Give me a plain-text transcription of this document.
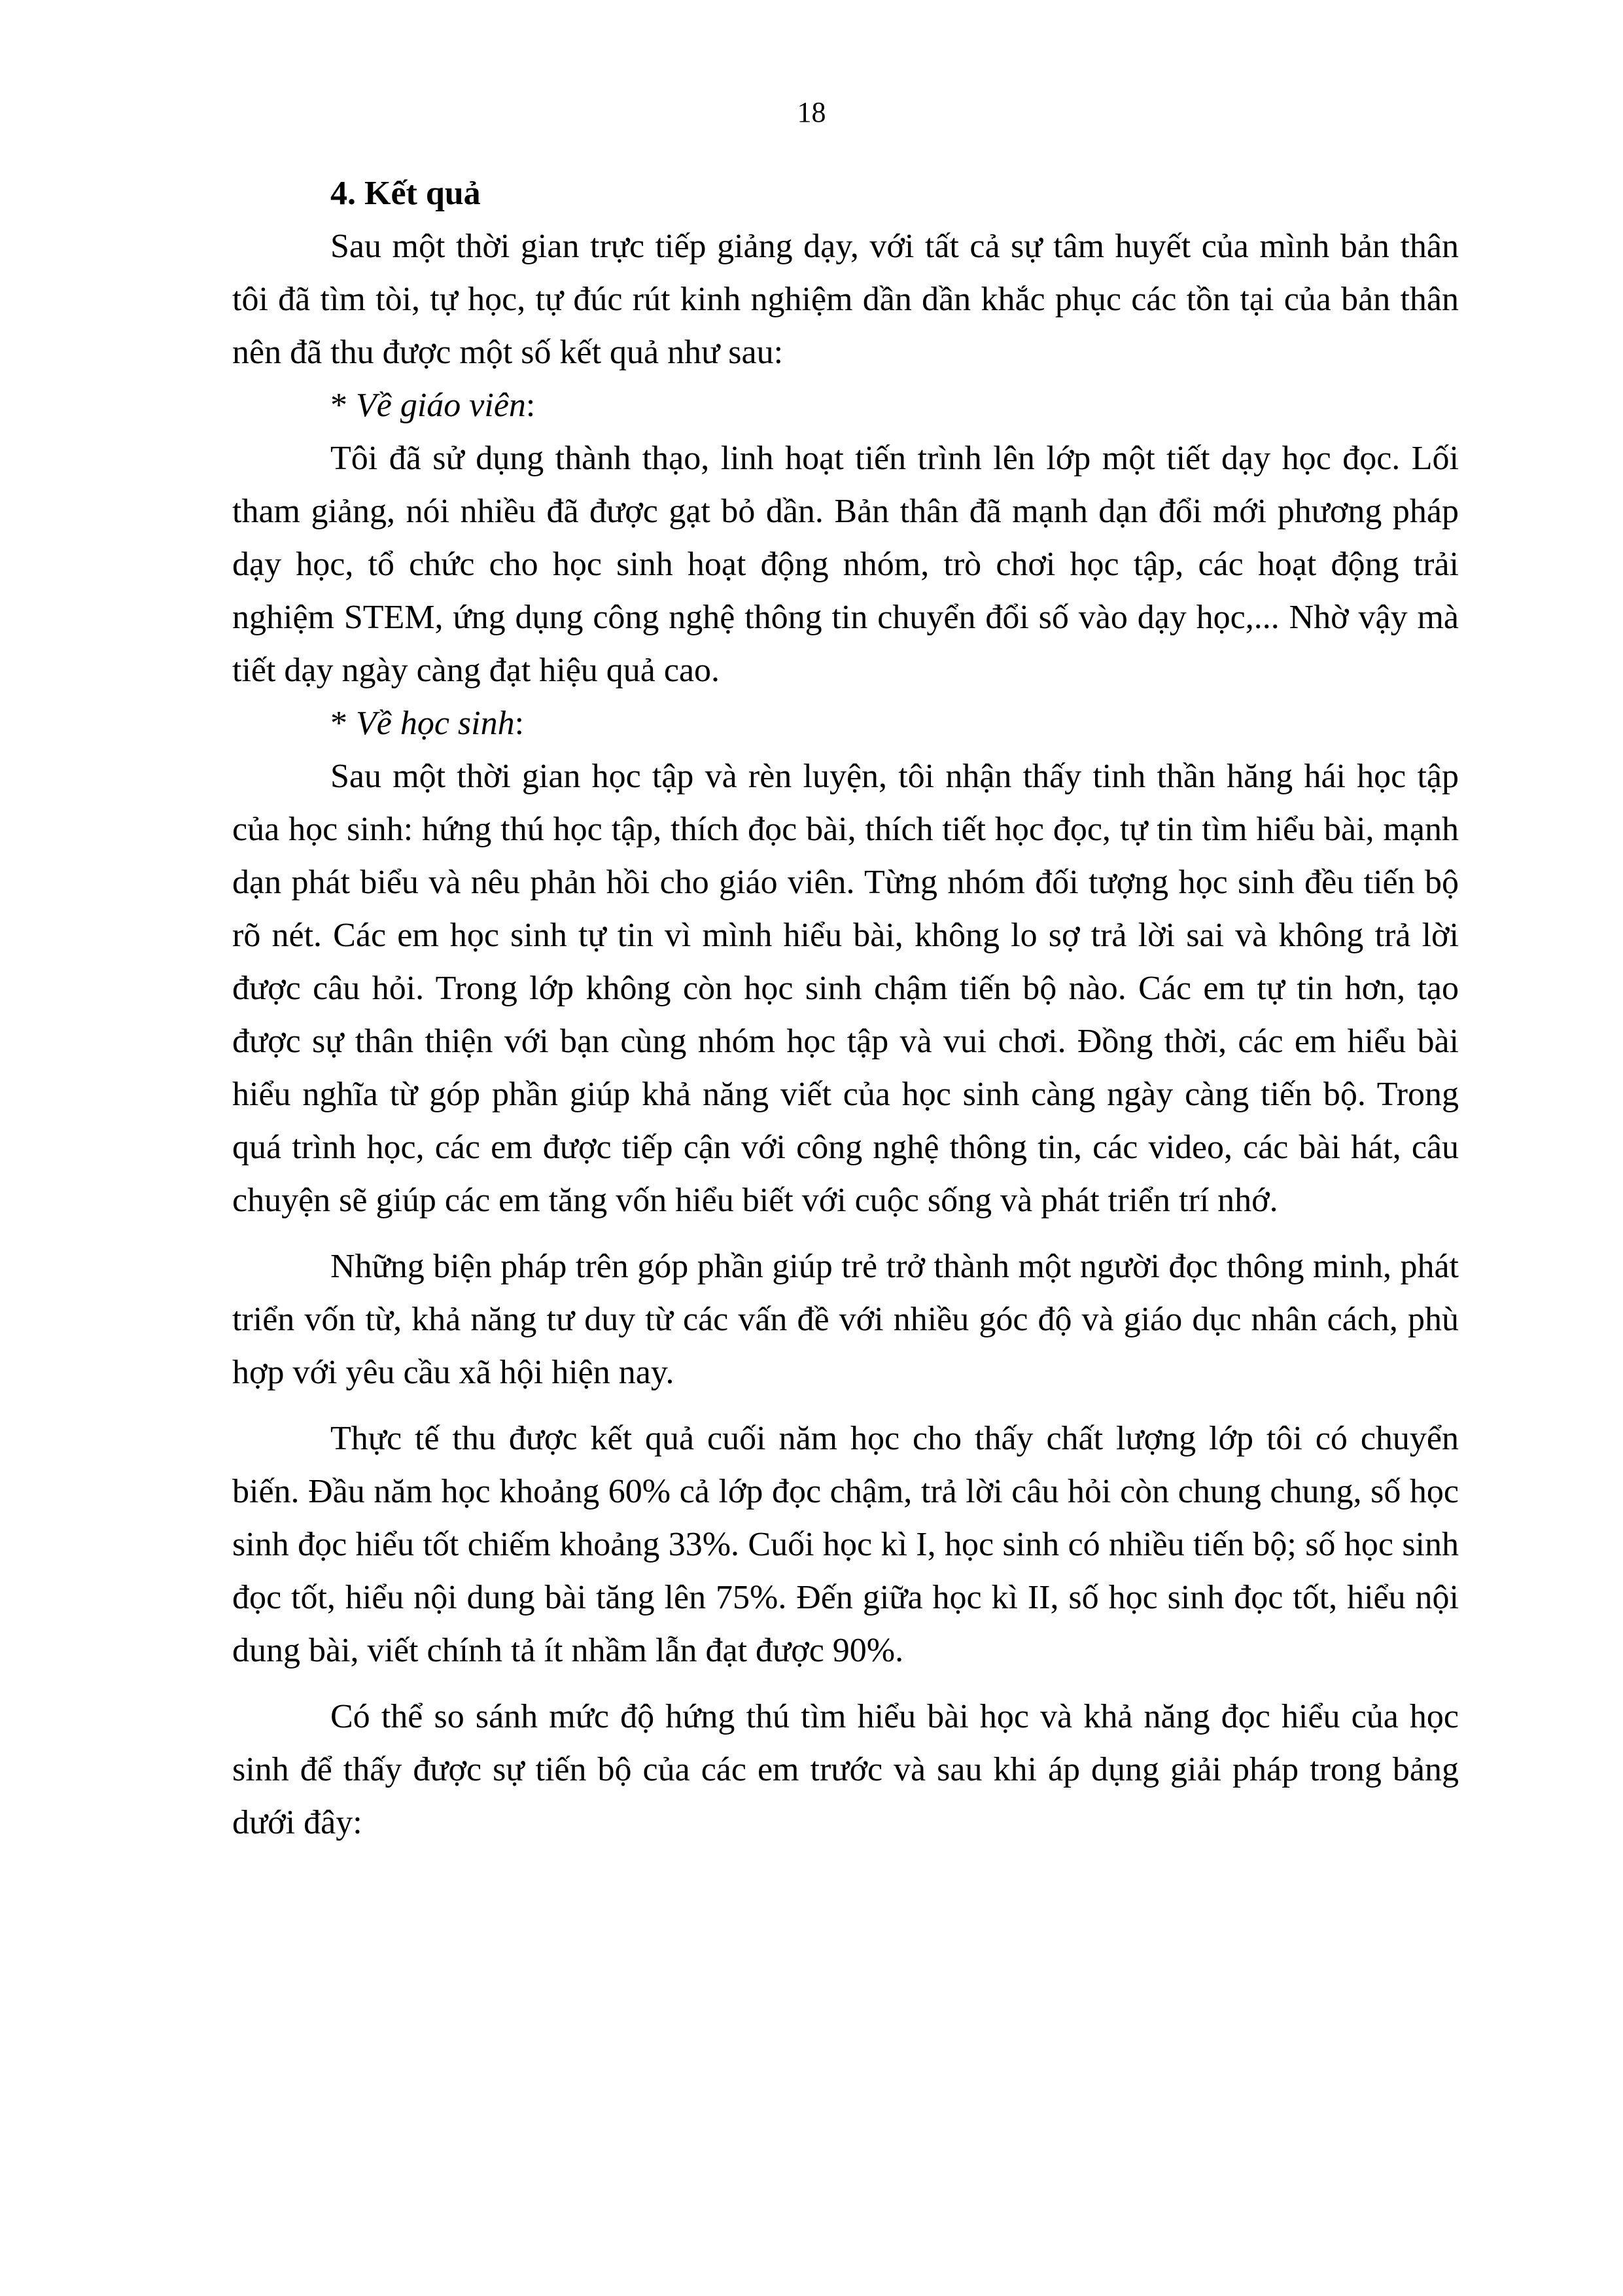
18

4. Kết quả

Sau một thời gian trực tiếp giảng dạy, với tất cả sự tâm huyết của mình bản thân tôi đã tìm tòi, tự học, tự đúc rút kinh nghiệm dần dần khắc phục các tồn tại của bản thân nên đã thu được một số kết quả như sau:

* Về giáo viên:

Tôi đã sử dụng thành thạo, linh hoạt tiến trình lên lớp một tiết dạy học đọc. Lối tham giảng, nói nhiều đã được gạt bỏ dần. Bản thân đã mạnh dạn đổi mới phương pháp dạy học, tổ chức cho học sinh hoạt động nhóm, trò chơi học tập, các hoạt động trải nghiệm STEM, ứng dụng công nghệ thông tin chuyển đổi số vào dạy học,... Nhờ vậy mà tiết dạy ngày càng đạt hiệu quả cao.

* Về học sinh:

Sau một thời gian học tập và rèn luyện, tôi nhận thấy tinh thần hăng hái học tập của học sinh: hứng thú học tập, thích đọc bài, thích tiết học đọc, tự tin tìm hiểu bài, mạnh dạn phát biểu và nêu phản hồi cho giáo viên. Từng nhóm đối tượng học sinh đều tiến bộ rõ nét. Các em học sinh tự tin vì mình hiểu bài, không lo sợ trả lời sai và không trả lời được câu hỏi. Trong lớp không còn học sinh chậm tiến bộ nào. Các em tự tin hơn, tạo được sự thân thiện với bạn cùng nhóm học tập và vui chơi. Đồng thời, các em hiểu bài hiểu nghĩa từ góp phần giúp khả năng viết của học sinh càng ngày càng tiến bộ. Trong quá trình học, các em được tiếp cận với công nghệ thông tin, các video, các bài hát, câu chuyện sẽ giúp các em tăng vốn hiểu biết với cuộc sống và phát triển trí nhớ.

Những biện pháp trên góp phần giúp trẻ trở thành một người đọc thông minh, phát triển vốn từ, khả năng tư duy từ các vấn đề với nhiều góc độ và giáo dục nhân cách, phù hợp với yêu cầu xã hội hiện nay.

Thực tế thu được kết quả cuối năm học cho thấy chất lượng lớp tôi có chuyển biến. Đầu năm học khoảng 60% cả lớp đọc chậm, trả lời câu hỏi còn chung chung, số học sinh đọc hiểu tốt chiếm khoảng 33%. Cuối học kì I, học sinh có nhiều tiến bộ; số học sinh đọc tốt, hiểu nội dung bài tăng lên 75%. Đến giữa học kì II, số học sinh đọc tốt, hiểu nội dung bài, viết chính tả ít nhầm lẫn đạt được 90%.

Có thể so sánh mức độ hứng thú tìm hiểu bài học và khả năng đọc hiểu của học sinh để thấy được sự tiến bộ của các em trước và sau khi áp dụng giải pháp trong bảng dưới đây:
